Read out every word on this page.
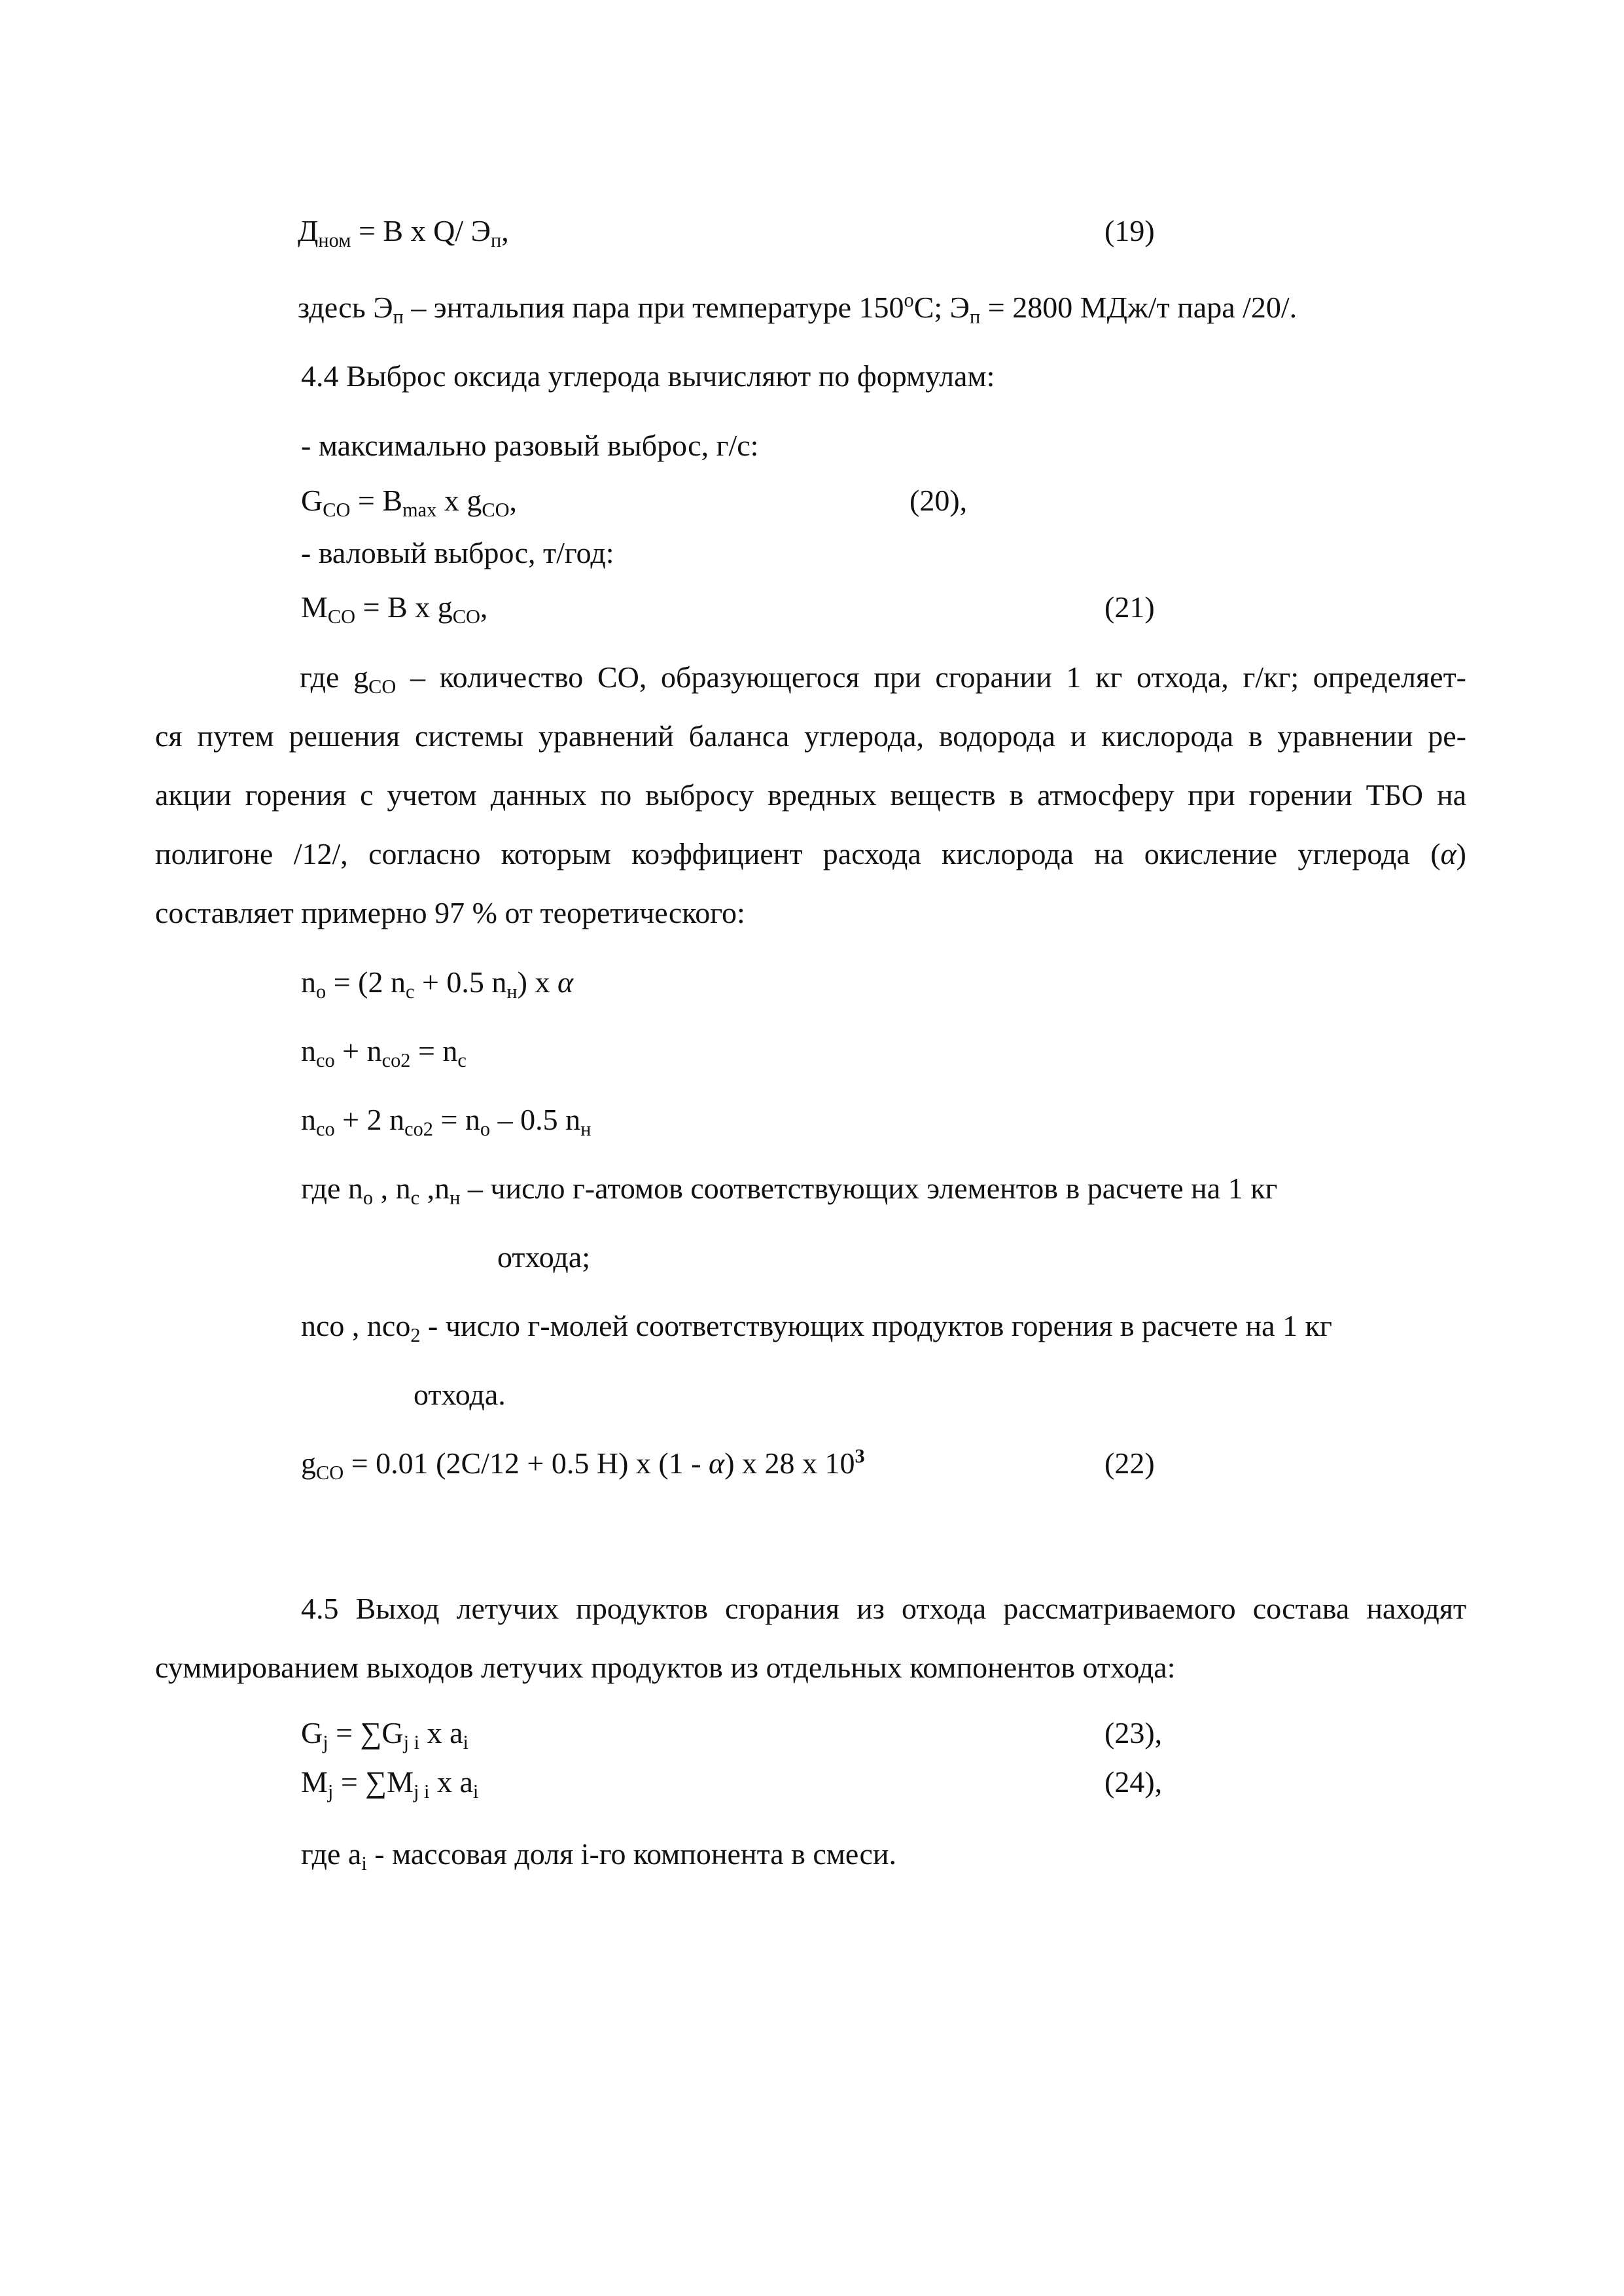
$Д_{ном} = В$ x Q/ $Э_п$,	(19)
здесь $Э_п$ – энтальпия пара при температуре $150^оС$; $Э_п = 2800$ МДж/т пара /20/.
4.4 Выброс оксида углерода вычисляют по формулам:
- максимально разовый выброс, г/с:
$G_{CO} = B_{max}$ x $g_{CO}$,	(20),
- валовый выброс, т/год:
$M_{CO} = B$ x $g_{CO}$,	(21)
где $g_{CO}$ – количество СО, образующегося при сгорании 1 кг отхода, г/кг; определяет-
ся путем решения системы уравнений баланса углерода, водорода и кислорода в уравнении ре-
акции горения с учетом данных по выбросу вредных веществ в атмосферу при горении ТБО на
полигоне /12/, согласно которым коэффициент расхода кислорода на окисление углерода (α)
составляет примерно 97 % от теоретического:
$n_o = (2$ $n_c + 0.5$ $n_н$) x α
$n_{co} + n_{co2} = n_c$
$n_{co} + 2$ $n_{co2} = n_o - 0.5$ $n_н$
где $n_o$ , $n_c$ $,n_н$ – число г-атомов соответствующих элементов в расчете на 1 кг
отхода;
nco , nco$_2$ - число г-молей соответствующих продуктов горения в расчете на 1 кг
отхода.
$g_{CO} = 0.01$ (2C/12 + 0.5 H) x (1 - α) x 28 x $10^3$	(22)
4.5 Выход летучих продуктов сгорания из отхода рассматриваемого состава находят
суммированием выходов летучих продуктов из отдельных компонентов отхода:
$G_j = \sum G_{j i}$ x $a_i$	(23),
$M_j = \sum M_{j i}$ x $a_i$	(24),
где $a_i$ - массовая доля i-го компонента в смеси.
